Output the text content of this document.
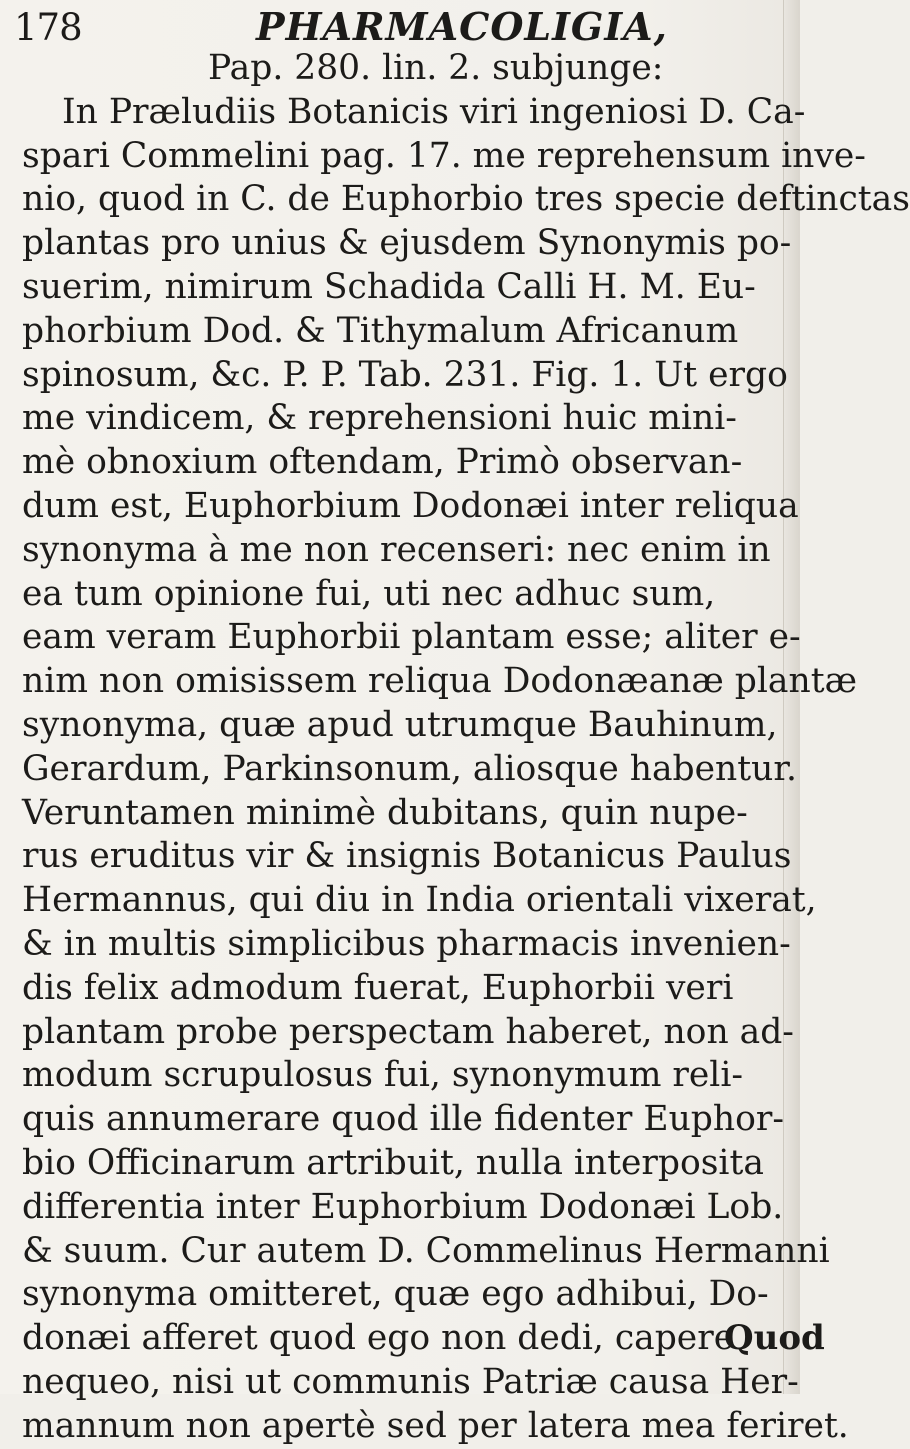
178	PHARMACOLIGIA,
Pap. 280. lin. 2. subjunge:
In Præludiis Botanicis viri ingeniosi D. Ca-
spari Commelini pag. 17. me reprehensum inve-
nio, quod in C. de Euphorbio tres specie deftinctas
plantas pro unius & ejusdem Synonymis po-
suerim, nimirum Schadida Calli H. M. Eu-
phorbium Dod. & Tithymalum Africanum
spinosum, &c. P. P. Tab. 231. Fig. 1. Ut ergo
me vindicem, & reprehensioni huic mini-
mè obnoxium oftendam, Primò observan-
dum est, Euphorbium Dodonæi inter reliqua
synonyma à me non recenseri: nec enim in
ea tum opinione fui, uti nec adhuc sum,
eam veram Euphorbii plantam esse; aliter e-
nim non omisissem reliqua Dodonæanæ plantæ
synonyma, quæ apud utrumque Bauhinum,
Gerardum, Parkinsonum, aliosque habentur.
Veruntamen minimè dubitans, quin nupe-
rus eruditus vir & insignis Botanicus Paulus
Hermannus, qui diu in India orientali vixerat,
& in multis simplicibus pharmacis invenien-
dis felix admodum fuerat, Euphorbii veri
plantam probe perspectam haberet, non ad-
modum scrupulosus fui, synonymum reli-
quis annumerare quod ille fidenter Euphor-
bio Officinarum artribuit, nulla interposita
differentia inter Euphorbium Dodonæi Lob.
& suum. Cur autem D. Commelinus Hermanni
synonyma omitteret, quæ ego adhibui, Do-
donæi afferet quod ego non dedi, capere
nequeo, nisi ut communis Patriæ causa Her-
mannum non apertè sed per latera mea feriret.
Quod
